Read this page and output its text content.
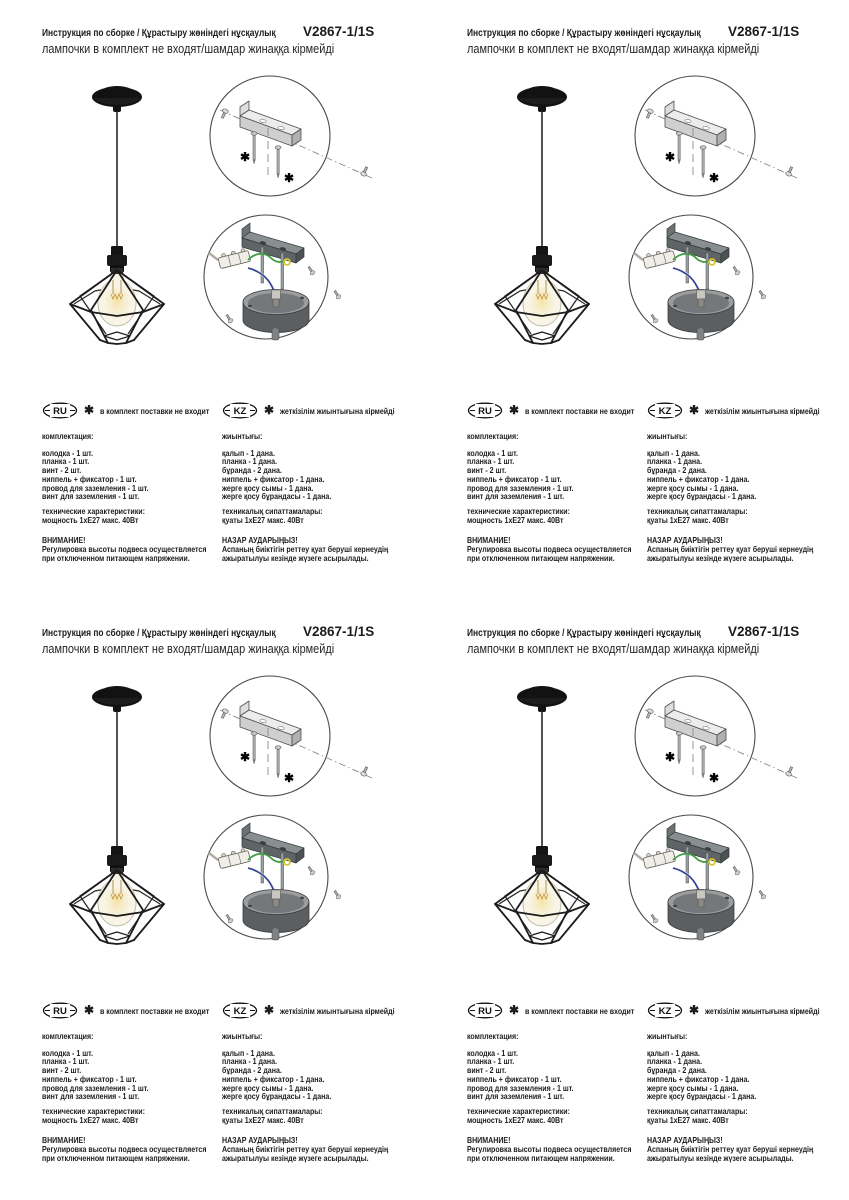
Инструкция по сборке / Құрастыру жөніндегі нұсқаулық V2867-1/1S
лампочки в комплект не входят/шамдар жинаққа кірмейді
✱
✱
RU ✱ в комплект поставки не входит
комплектация:
колодка - 1 шт.
планка - 1 шт.
винт - 2 шт.
ниппель + фиксатор - 1 шт.
провод для заземления - 1 шт.
винт для заземления - 1 шт.
технические характеристики:
мощность 1хЕ27 макс. 40Вт
ВНИМАНИЕ!
Регулировка высоты подвеса осуществляется
при отключенном питающем напряжении.
KZ ✱ жеткізілім жиынтығына кірмейді
жиынтығы:
қалып - 1 дана.
планка - 1 дана.
бұранда - 2 дана.
ниппель + фиксатор - 1 дана.
жерге қосу сымы - 1 дана.
жерге қосу бұрандасы - 1 дана.
техникалық сипаттамалары:
қуаты 1хЕ27 макс. 40Вт
НАЗАР АУДАРЫҢЫЗ!
Аспаның биіктігін реттеу қуат беруші кернеудің
ажыратылуы кезінде жүзеге асырылады.
Инструкция по сборке / Құрастыру жөніндегі нұсқаулық V2867-1/1S
лампочки в комплект не входят/шамдар жинаққа кірмейді
✱
✱
RU ✱ в комплект поставки не входит
комплектация:
колодка - 1 шт.
планка - 1 шт.
винт - 2 шт.
ниппель + фиксатор - 1 шт.
провод для заземления - 1 шт.
винт для заземления - 1 шт.
технические характеристики:
мощность 1хЕ27 макс. 40Вт
ВНИМАНИЕ!
Регулировка высоты подвеса осуществляется
при отключенном питающем напряжении.
KZ ✱ жеткізілім жиынтығына кірмейді
жиынтығы:
қалып - 1 дана.
планка - 1 дана.
бұранда - 2 дана.
ниппель + фиксатор - 1 дана.
жерге қосу сымы - 1 дана.
жерге қосу бұрандасы - 1 дана.
техникалық сипаттамалары:
қуаты 1хЕ27 макс. 40Вт
НАЗАР АУДАРЫҢЫЗ!
Аспаның биіктігін реттеу қуат беруші кернеудің
ажыратылуы кезінде жүзеге асырылады.
Инструкция по сборке / Құрастыру жөніндегі нұсқаулық V2867-1/1S
лампочки в комплект не входят/шамдар жинаққа кірмейді
✱
✱
RU ✱ в комплект поставки не входит
комплектация:
колодка - 1 шт.
планка - 1 шт.
винт - 2 шт.
ниппель + фиксатор - 1 шт.
провод для заземления - 1 шт.
винт для заземления - 1 шт.
технические характеристики:
мощность 1хЕ27 макс. 40Вт
ВНИМАНИЕ!
Регулировка высоты подвеса осуществляется
при отключенном питающем напряжении.
KZ ✱ жеткізілім жиынтығына кірмейді
жиынтығы:
қалып - 1 дана.
планка - 1 дана.
бұранда - 2 дана.
ниппель + фиксатор - 1 дана.
жерге қосу сымы - 1 дана.
жерге қосу бұрандасы - 1 дана.
техникалық сипаттамалары:
қуаты 1хЕ27 макс. 40Вт
НАЗАР АУДАРЫҢЫЗ!
Аспаның биіктігін реттеу қуат беруші кернеудің
ажыратылуы кезінде жүзеге асырылады.
Инструкция по сборке / Құрастыру жөніндегі нұсқаулық V2867-1/1S
лампочки в комплект не входят/шамдар жинаққа кірмейді
✱
✱
RU ✱ в комплект поставки не входит
комплектация:
колодка - 1 шт.
планка - 1 шт.
винт - 2 шт.
ниппель + фиксатор - 1 шт.
провод для заземления - 1 шт.
винт для заземления - 1 шт.
технические характеристики:
мощность 1хЕ27 макс. 40Вт
ВНИМАНИЕ!
Регулировка высоты подвеса осуществляется
при отключенном питающем напряжении.
KZ ✱ жеткізілім жиынтығына кірмейді
жиынтығы:
қалып - 1 дана.
планка - 1 дана.
бұранда - 2 дана.
ниппель + фиксатор - 1 дана.
жерге қосу сымы - 1 дана.
жерге қосу бұрандасы - 1 дана.
техникалық сипаттамалары:
қуаты 1хЕ27 макс. 40Вт
НАЗАР АУДАРЫҢЫЗ!
Аспаның биіктігін реттеу қуат беруші кернеудің
ажыратылуы кезінде жүзеге асырылады.
